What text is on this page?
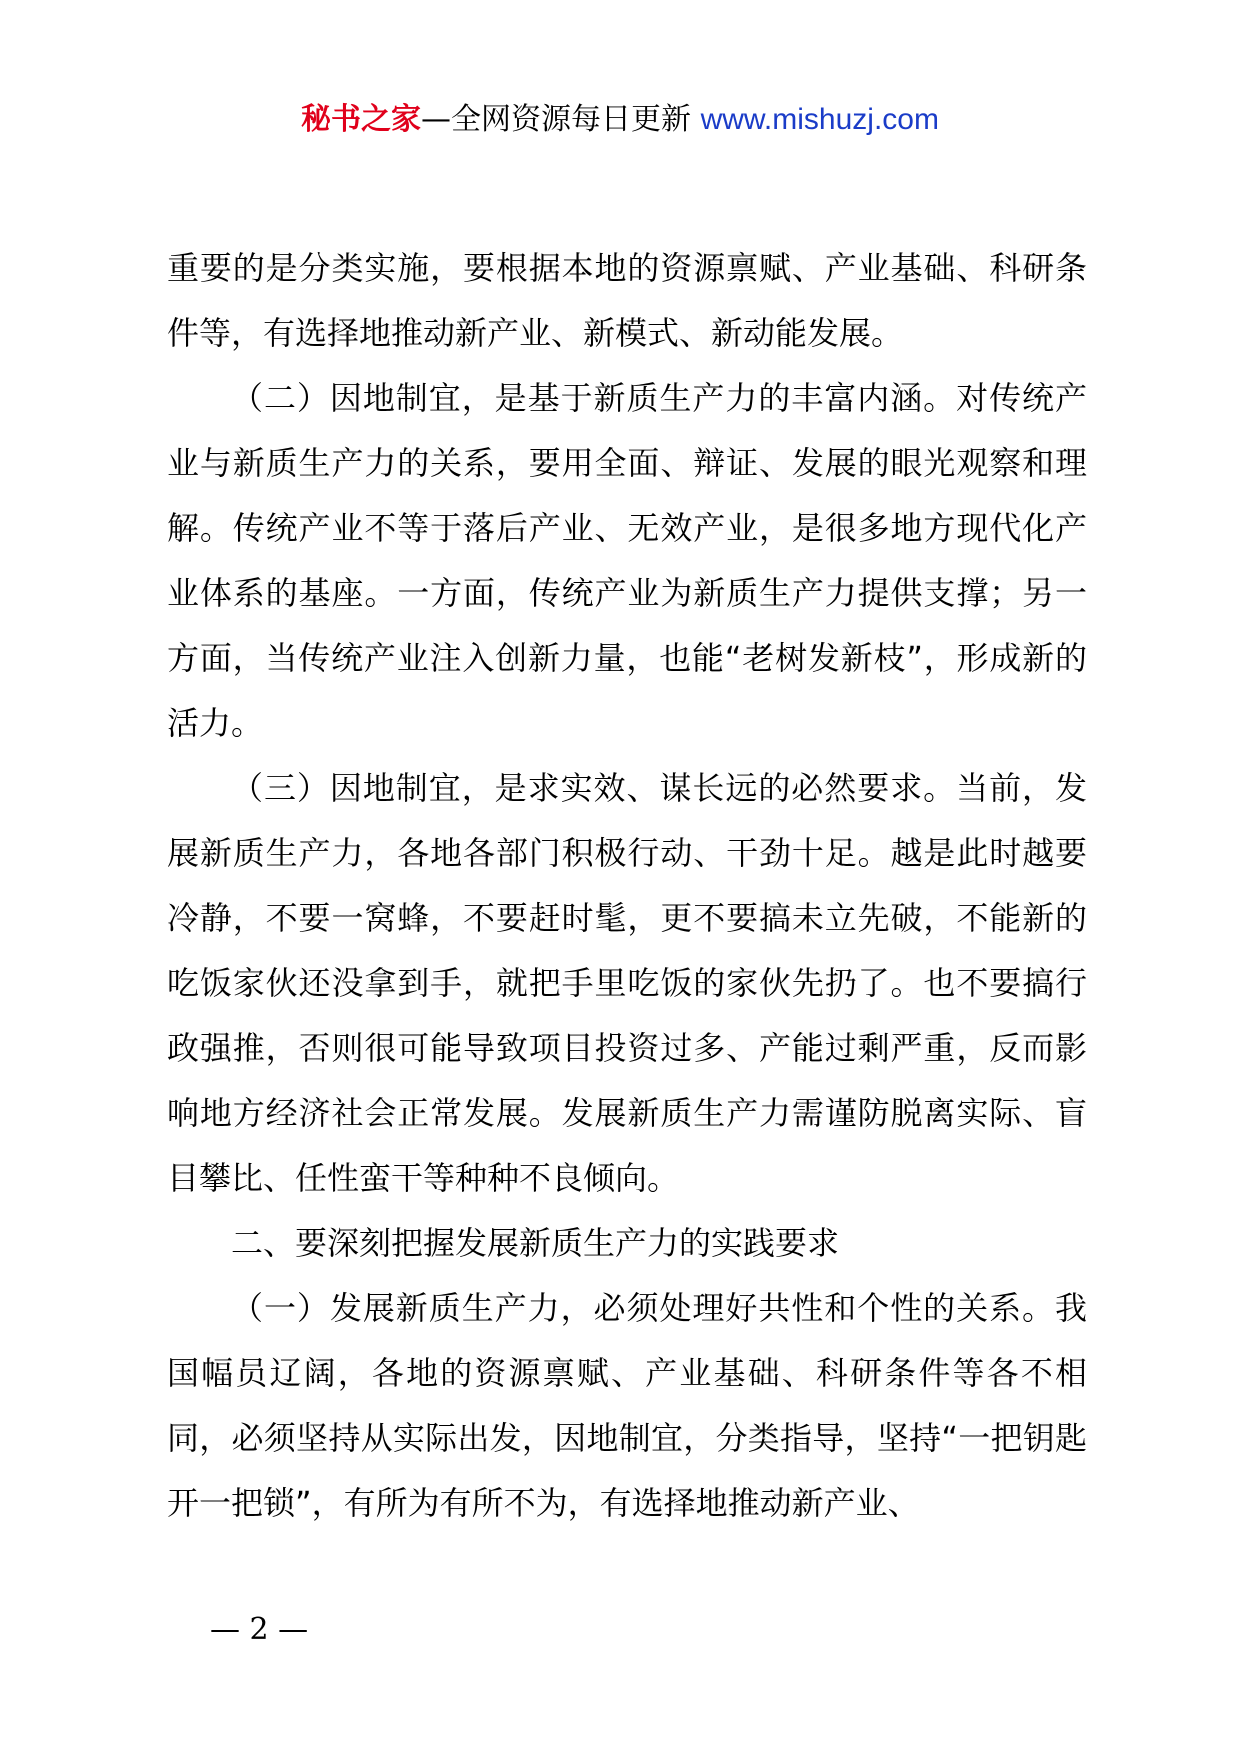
秘书之家—全网资源每日更新 www.mishuzj.com

重要的是分类实施，要根据本地的资源禀赋、产业基础、科研条件等，有选择地推动新产业、新模式、新动能发展。

（二）因地制宜，是基于新质生产力的丰富内涵。对传统产业与新质生产力的关系，要用全面、辩证、发展的眼光观察和理解。传统产业不等于落后产业、无效产业，是很多地方现代化产业体系的基座。一方面，传统产业为新质生产力提供支撑；另一方面，当传统产业注入创新力量，也能“老树发新枝”，形成新的活力。

（三）因地制宜，是求实效、谋长远的必然要求。当前，发展新质生产力，各地各部门积极行动、干劲十足。越是此时越要冷静，不要一窝蜂，不要赶时髦，更不要搞未立先破，不能新的吃饭家伙还没拿到手，就把手里吃饭的家伙先扔了。也不要搞行政强推，否则很可能导致项目投资过多、产能过剩严重，反而影响地方经济社会正常发展。发展新质生产力需谨防脱离实际、盲目攀比、任性蛮干等种种不良倾向。

二、要深刻把握发展新质生产力的实践要求

（一）发展新质生产力，必须处理好共性和个性的关系。我国幅员辽阔，各地的资源禀赋、产业基础、科研条件等各不相同，必须坚持从实际出发，因地制宜，分类指导，坚持“一把钥匙开一把锁”，有所为有所不为，有选择地推动新产业、

— 2 —
